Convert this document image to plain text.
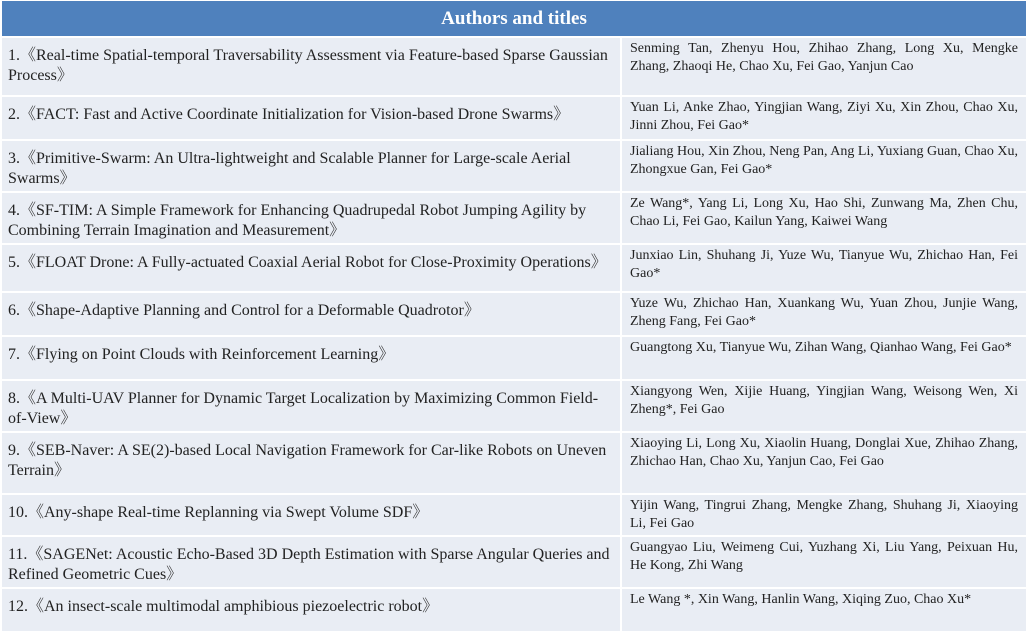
Authors and titles	
1.《Real-time Spatial-temporal Traversability Assessment via Feature-based Sparse Gaussian Process》	Senming Tan, Zhenyu Hou, Zhihao Zhang, Long Xu, Mengke Zhang, Zhaoqi He, Chao Xu, Fei Gao, Yanjun Cao
2.《FACT: Fast and Active Coordinate Initialization for Vision-based Drone Swarms》	Yuan Li, Anke Zhao, Yingjian Wang, Ziyi Xu, Xin Zhou, Chao Xu, Jinni Zhou, Fei Gao*
3.《Primitive-Swarm: An Ultra-lightweight and Scalable Planner for Large-scale Aerial Swarms》	Jialiang Hou, Xin Zhou, Neng Pan, Ang Li, Yuxiang Guan, Chao Xu, Zhongxue Gan, Fei Gao*
4.《SF-TIM: A Simple Framework for Enhancing Quadrupedal Robot Jumping Agility by Combining Terrain Imagination and Measurement》	Ze Wang*, Yang Li, Long Xu, Hao Shi, Zunwang Ma, Zhen Chu, Chao Li, Fei Gao, Kailun Yang, Kaiwei Wang
5.《FLOAT Drone: A Fully-actuated Coaxial Aerial Robot for Close-Proximity Operations》	Junxiao Lin, Shuhang Ji, Yuze Wu, Tianyue Wu, Zhichao Han, Fei Gao*
6.《Shape-Adaptive Planning and Control for a Deformable Quadrotor》	Yuze Wu, Zhichao Han, Xuankang Wu, Yuan Zhou, Junjie Wang, Zheng Fang, Fei Gao*
7.《Flying on Point Clouds with Reinforcement Learning》	Guangtong Xu, Tianyue Wu, Zihan Wang, Qianhao Wang, Fei Gao*
8.《A Multi-UAV Planner for Dynamic Target Localization by Maximizing Common Field-of-View》	Xiangyong Wen, Xijie Huang, Yingjian Wang, Weisong Wen, Xi Zheng*, Fei Gao
9.《SEB-Naver: A SE(2)-based Local Navigation Framework for Car-like Robots on Uneven Terrain》	Xiaoying Li, Long Xu, Xiaolin Huang, Donglai Xue, Zhihao Zhang, Zhichao Han, Chao Xu, Yanjun Cao, Fei Gao
10.《Any-shape Real-time Replanning via Swept Volume SDF》	Yijin Wang, Tingrui Zhang, Mengke Zhang, Shuhang Ji, Xiaoying Li, Fei Gao
11.《SAGENet: Acoustic Echo-Based 3D Depth Estimation with Sparse Angular Queries and Refined Geometric Cues》	Guangyao Liu, Weimeng Cui, Yuzhang Xi, Liu Yang, Peixuan Hu, He Kong, Zhi Wang
12.《An insect-scale multimodal amphibious piezoelectric robot》	Le Wang *, Xin Wang, Hanlin Wang, Xiqing Zuo, Chao Xu*
